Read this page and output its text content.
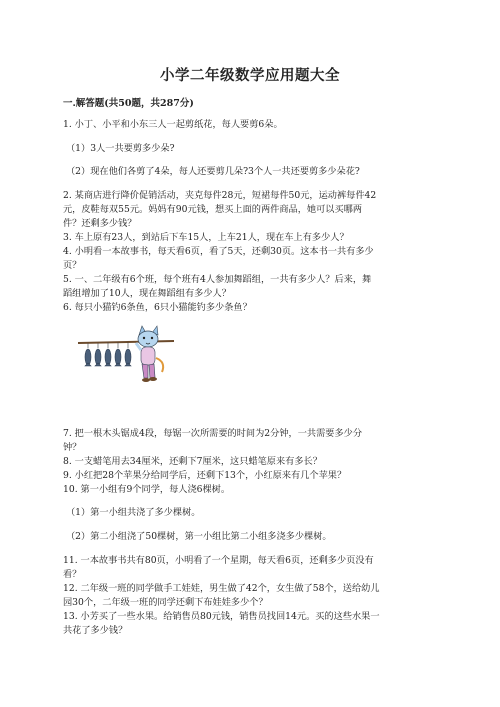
小学二年级数学应用题大全
一.解答题(共50题，共287分)
1. 小丁、小平和小东三人一起剪纸花，每人要剪6朵。
（1）3人一共要剪多少朵?
（2）现在他们各剪了4朵，每人还要剪几朵?3个人一共还要剪多少朵花?
2. 某商店进行降价促销活动，夹克每件28元，短裙每件50元，运动裤每件42
元，皮鞋每双55元。妈妈有90元钱，想买上面的两件商品，她可以买哪两
件？还剩多少钱？
3. 车上原有23人，到站后下车15人，上车21人，现在车上有多少人？
4. 小明看一本故事书，每天看6页，看了5天，还剩30页。这本书一共有多少
页？
5. 一、二年级有6个班，每个班有4人参加舞蹈组，一共有多少人？后来，舞
蹈组增加了10人，现在舞蹈组有多少人？
6. 每只小猫钓6条鱼，6只小猫能钓多少条鱼？
7. 把一根木头锯成4段，每锯一次所需要的时间为2分钟，一共需要多少分
钟？
8. 一支蜡笔用去34厘米，还剩下7厘米，这只蜡笔原来有多长？
9. 小红把28个苹果分给同学后，还剩下13个，小红原来有几个苹果？
10. 第一小组有9个同学，每人浇6棵树。
（1）第一小组共浇了多少棵树。
（2）第二小组浇了50棵树，第一小组比第二小组多浇多少棵树。
11. 一本故事书共有80页，小明看了一个星期，每天看6页，还剩多少页没有
看？
12. 二年级一班的同学做手工娃娃，男生做了42个，女生做了58个，送给幼儿
园30个，二年级一班的同学还剩下布娃娃多少个？
13. 小芳买了一些水果。给销售员80元钱，销售员找回14元。买的这些水果一
共花了多少钱？
